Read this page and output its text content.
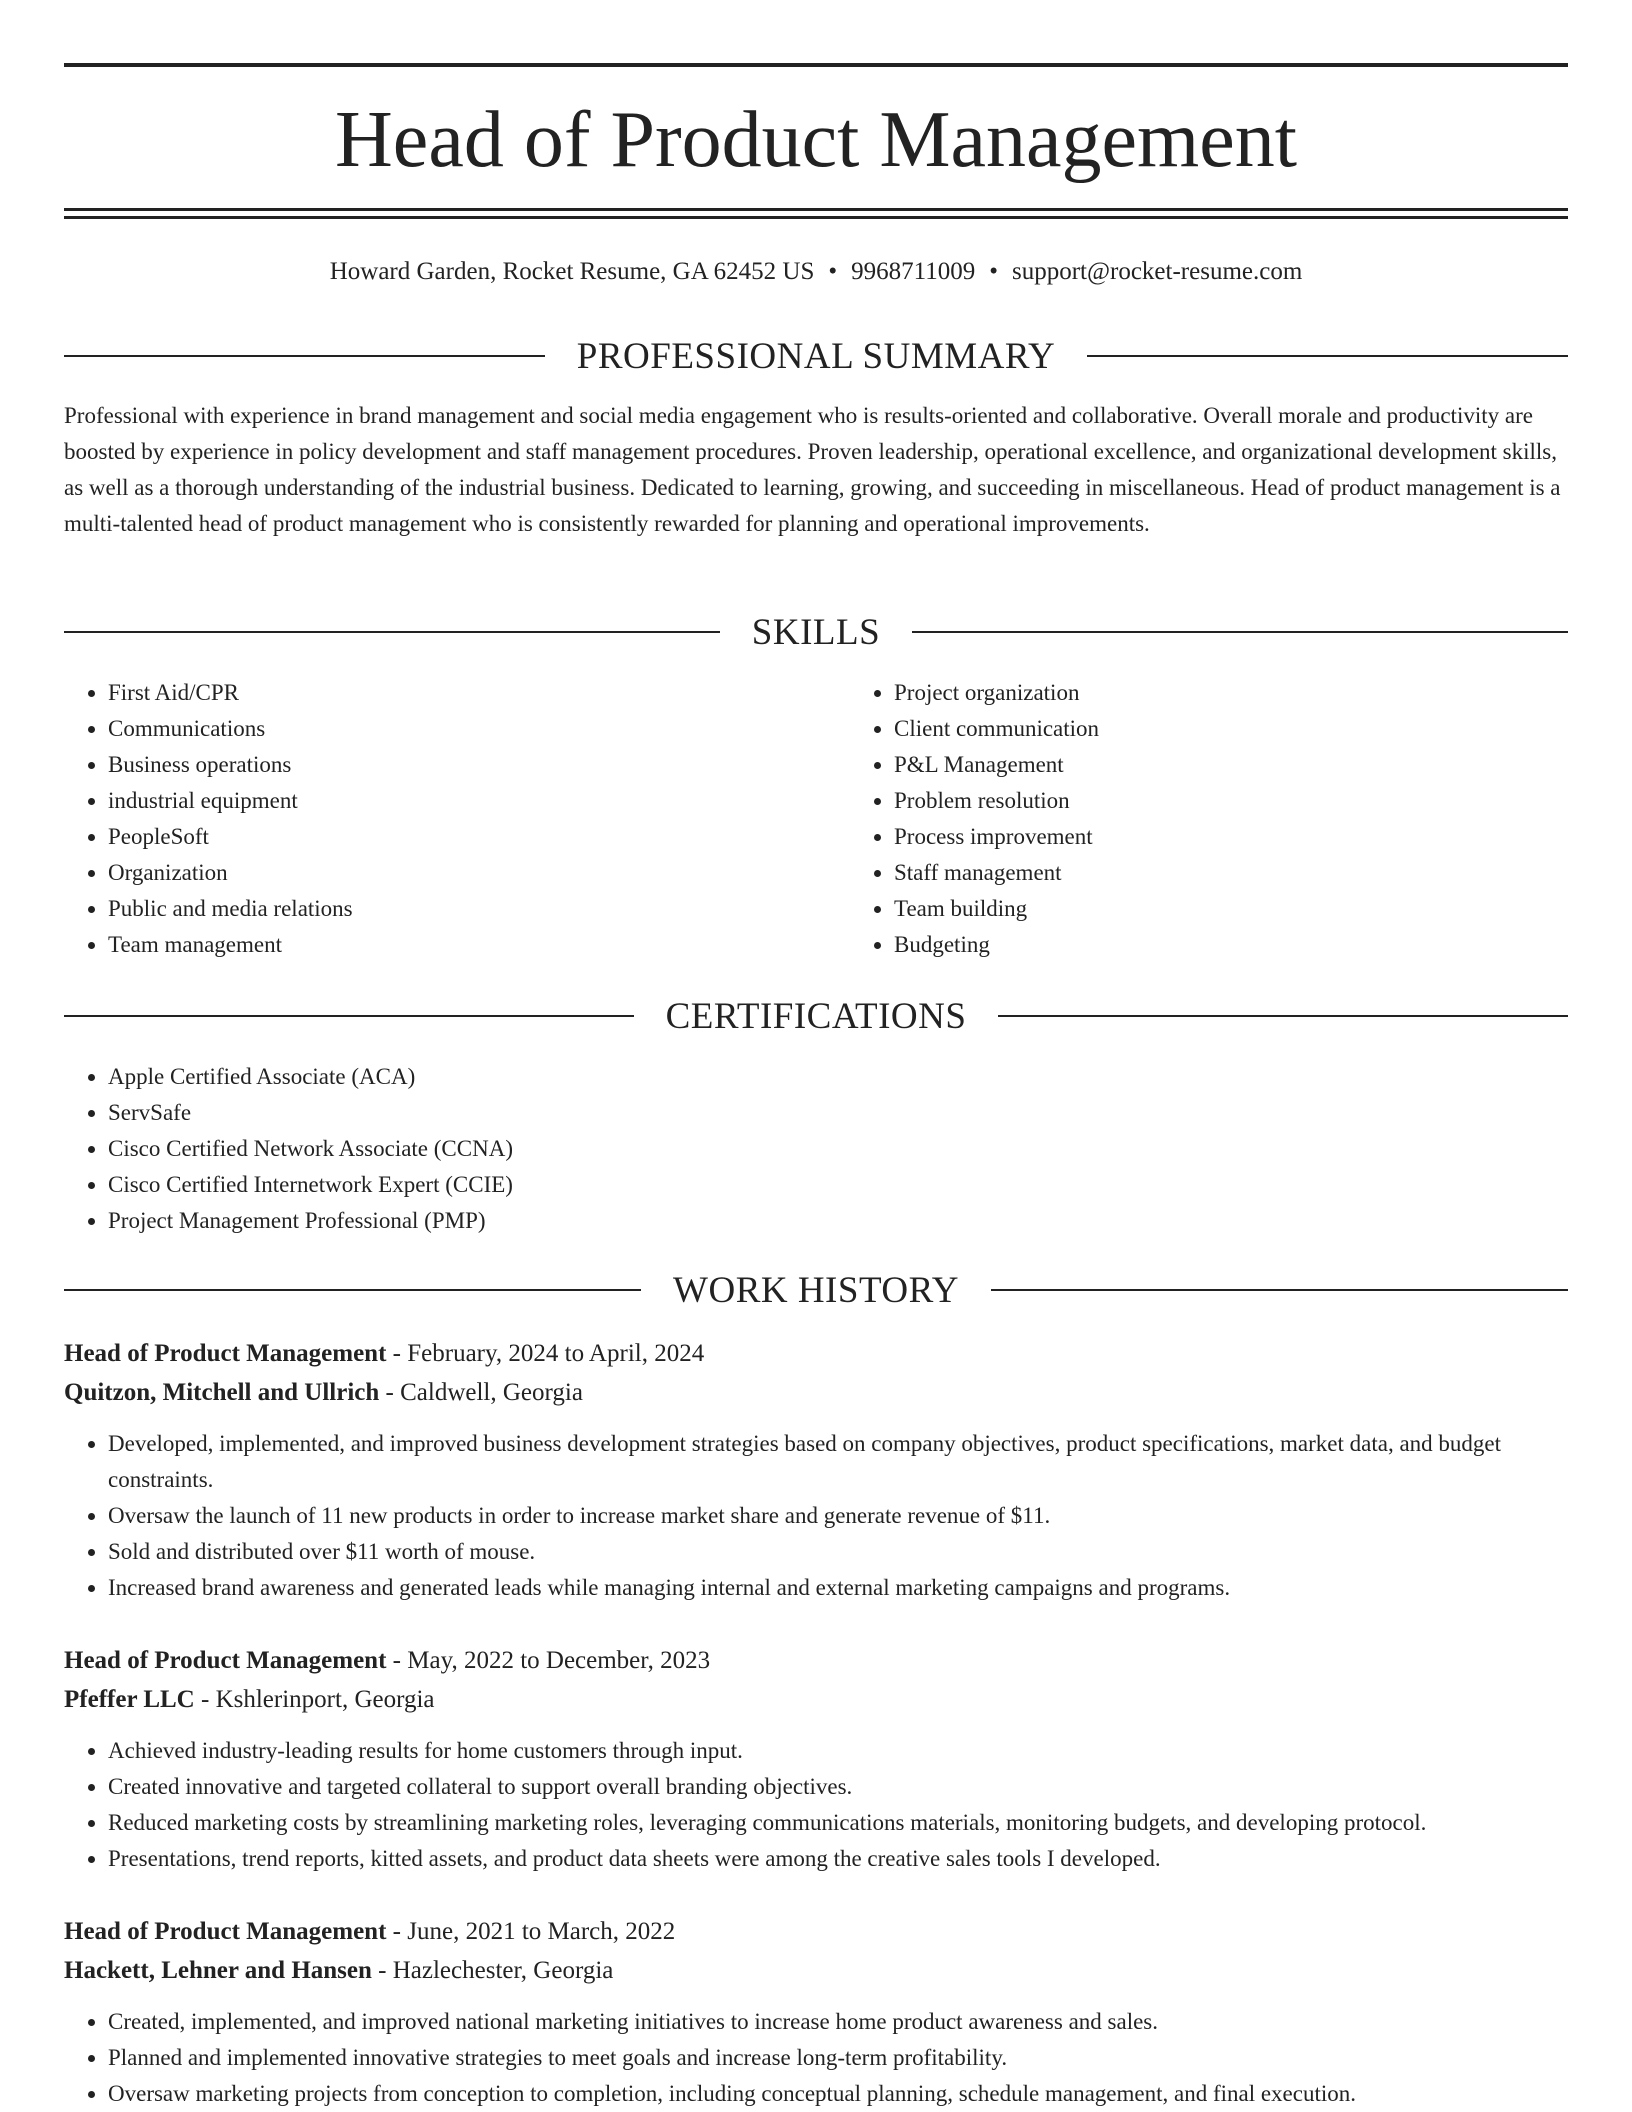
Head of Product Management
Howard Garden, Rocket Resume, GA 62452 US • 9968711009 • support@rocket-resume.com
PROFESSIONAL SUMMARY

Professional with experience in brand management and social media engagement who is results-oriented and collaborative. Overall morale and productivity are boosted by experience in policy development and staff management procedures. Proven leadership, operational excellence, and organizational development skills, as well as a thorough understanding of the industrial business. Dedicated to learning, growing, and succeeding in miscellaneous. Head of product management is a multi-talented head of product management who is consistently rewarded for planning and operational improvements.

SKILLS
• First Aid/CPR
• Communications
• Business operations
• industrial equipment
• PeopleSoft
• Organization
• Public and media relations
• Team management
• Project organization
• Client communication
• P&L Management
• Problem resolution
• Process improvement
• Staff management
• Team building
• Budgeting
CERTIFICATIONS
• Apple Certified Associate (ACA)
• ServSafe
• Cisco Certified Network Associate (CCNA)
• Cisco Certified Internetwork Expert (CCIE)
• Project Management Professional (PMP)
WORK HISTORY
Head of Product Management - February, 2024 to April, 2024
Quitzon, Mitchell and Ullrich - Caldwell, Georgia
• Developed, implemented, and improved business development strategies based on company objectives, product specifications, market data, and budget constraints.
• Oversaw the launch of 11 new products in order to increase market share and generate revenue of $11.
• Sold and distributed over $11 worth of mouse.
• Increased brand awareness and generated leads while managing internal and external marketing campaigns and programs.
Head of Product Management - May, 2022 to December, 2023
Pfeffer LLC - Kshlerinport, Georgia
• Achieved industry-leading results for home customers through input.
• Created innovative and targeted collateral to support overall branding objectives.
• Reduced marketing costs by streamlining marketing roles, leveraging communications materials, monitoring budgets, and developing protocol.
• Presentations, trend reports, kitted assets, and product data sheets were among the creative sales tools I developed.
Head of Product Management - June, 2021 to March, 2022
Hackett, Lehner and Hansen - Hazlechester, Georgia
• Created, implemented, and improved national marketing initiatives to increase home product awareness and sales.
• Planned and implemented innovative strategies to meet goals and increase long-term profitability.
• Oversaw marketing projects from conception to completion, including conceptual planning, schedule management, and final execution.
